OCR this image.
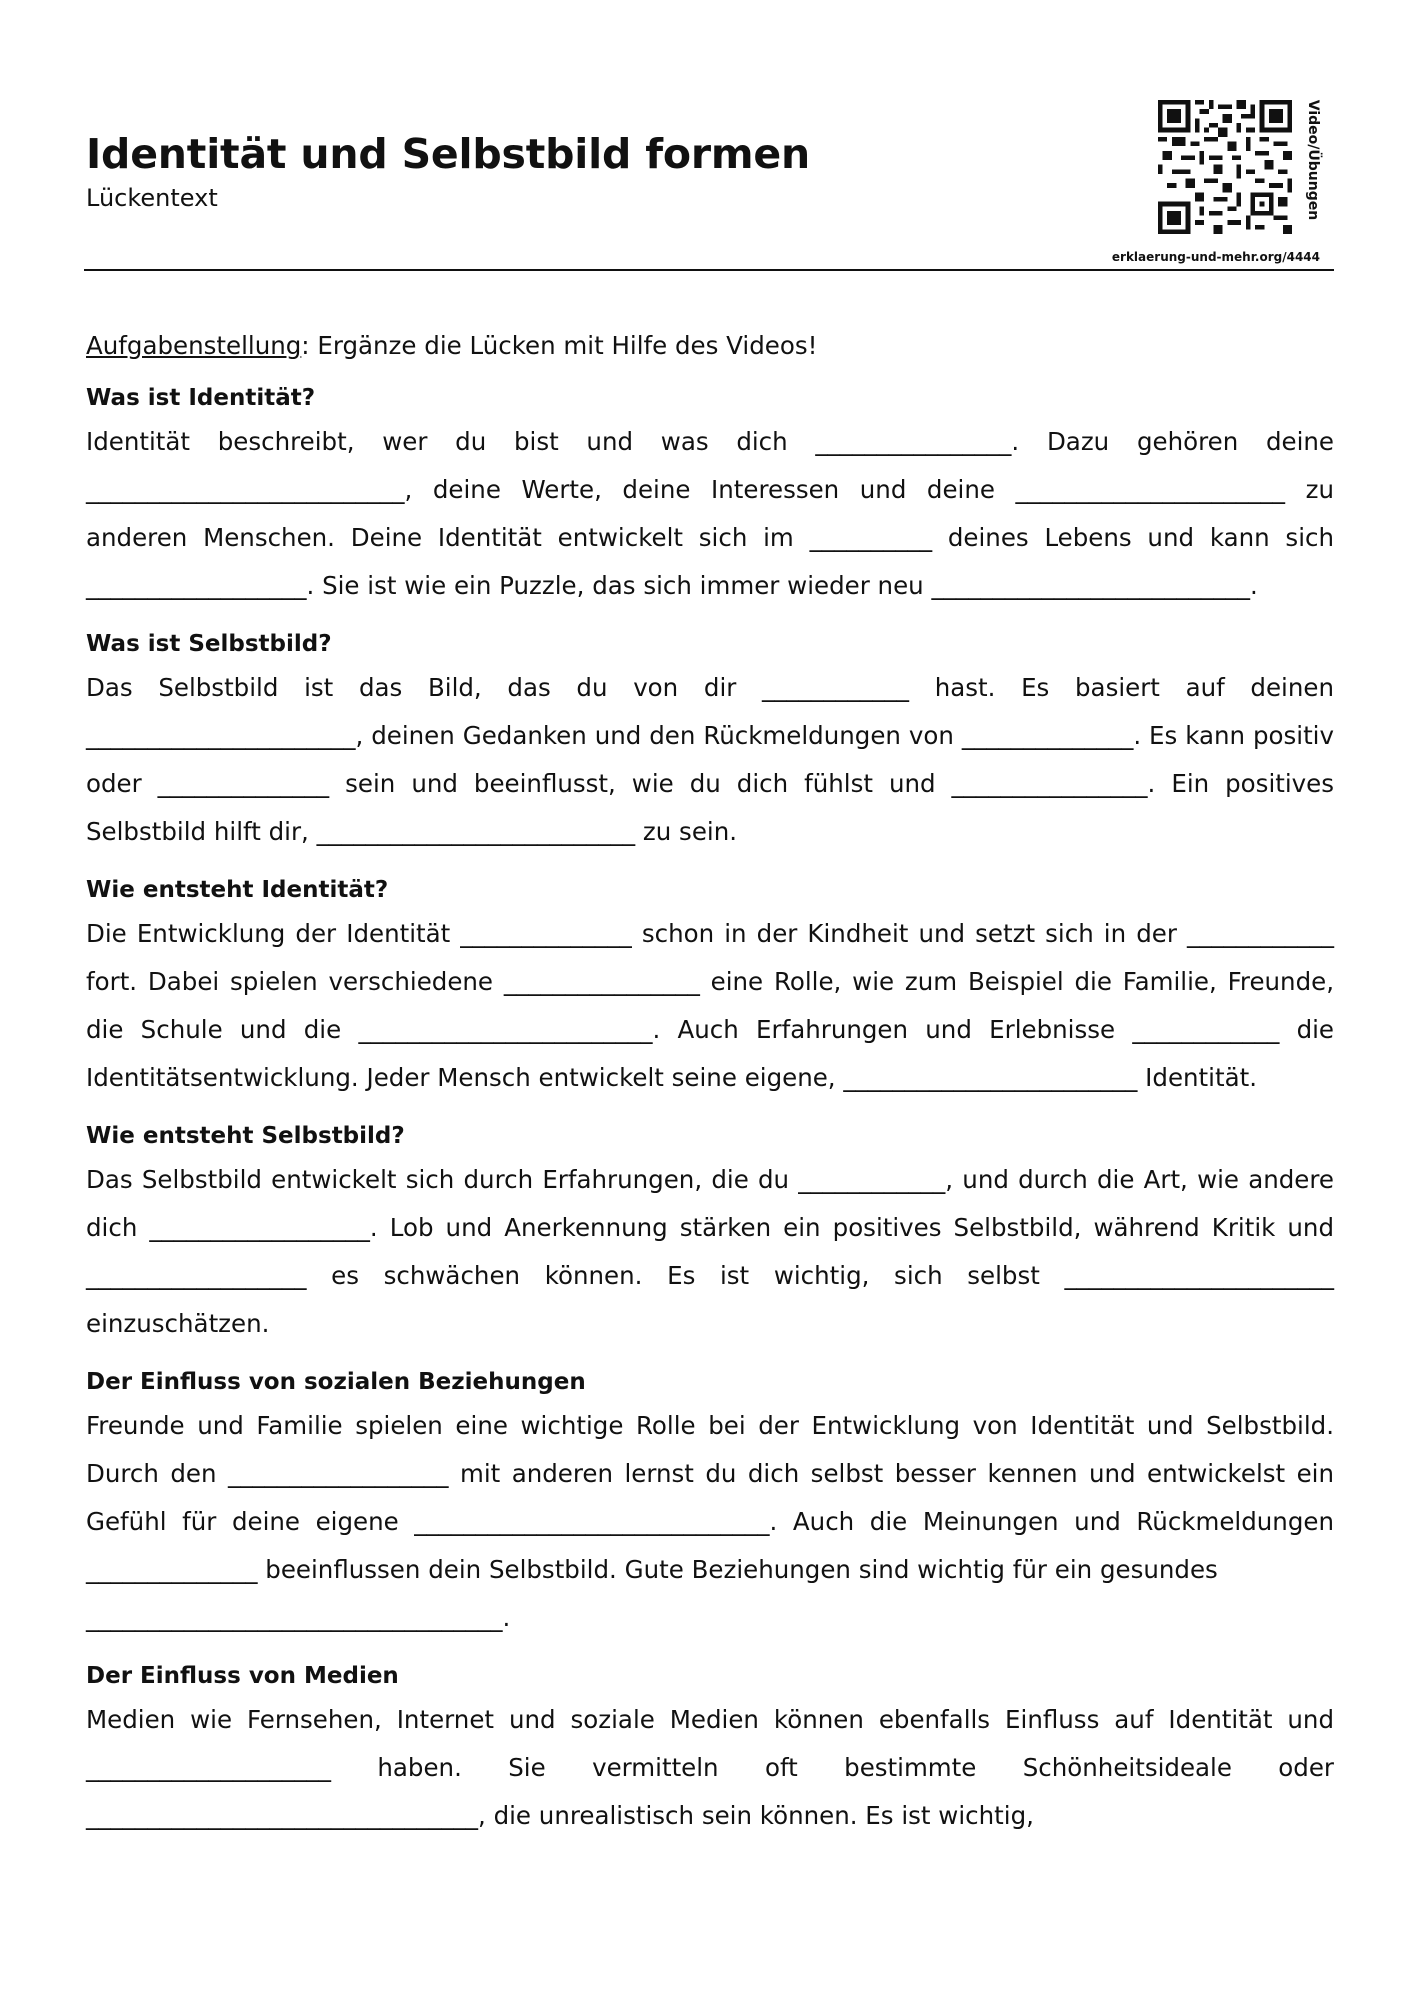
Identität und Selbstbild formen
Lückentext	Video/Übungen
erklaerung-und-mehr.org/4444
Aufgabenstellung: Ergänze die Lücken mit Hilfe des Videos!
Was ist Identität?

Identität beschreibt, wer du bist und was dich ________________. Dazu gehören deine __________________________, deine Werte, deine Interessen und deine ______________________ zu anderen Menschen. Deine Identität entwickelt sich im __________ deines Lebens und kann sich __________________. Sie ist wie ein Puzzle, das sich immer wieder neu __________________________.

Was ist Selbstbild?

Das Selbstbild ist das Bild, das du von dir ____________ hast. Es basiert auf deinen ______________________, deinen Gedanken und den Rückmeldungen von ______________. Es kann positiv oder ______________ sein und beeinflusst, wie du dich fühlst und ________________. Ein positives Selbstbild hilft dir, __________________________ zu sein.

Wie entsteht Identität?

Die Entwicklung der Identität ______________ schon in der Kindheit und setzt sich in der ____________ fort. Dabei spielen verschiedene ________________ eine Rolle, wie zum Beispiel die Familie, Freunde, die Schule und die ________________________. Auch Erfahrungen und Erlebnisse ____________ die Identitätsentwicklung. Jeder Mensch entwickelt seine eigene, ________________________ Identität.

Wie entsteht Selbstbild?

Das Selbstbild entwickelt sich durch Erfahrungen, die du ____________, und durch die Art, wie andere dich __________________. Lob und Anerkennung stärken ein positives Selbstbild, während Kritik und __________________ es schwächen können. Es ist wichtig, sich selbst ______________________ einzuschätzen.

Der Einfluss von sozialen Beziehungen

Freunde und Familie spielen eine wichtige Rolle bei der Entwicklung von Identität und Selbstbild. Durch den __________________ mit anderen lernst du dich selbst besser kennen und entwickelst ein Gefühl für deine eigene _____________________________. Auch die Meinungen und Rückmeldungen ______________ beeinflussen dein Selbstbild. Gute Beziehungen sind wichtig für ein gesundes
__________________________________.

Der Einfluss von Medien

Medien wie Fernsehen, Internet und soziale Medien können ebenfalls Einfluss auf Identität und ____________________ haben. Sie vermitteln oft bestimmte Schönheitsideale oder ________________________________, die unrealistisch sein können. Es ist wichtig,
